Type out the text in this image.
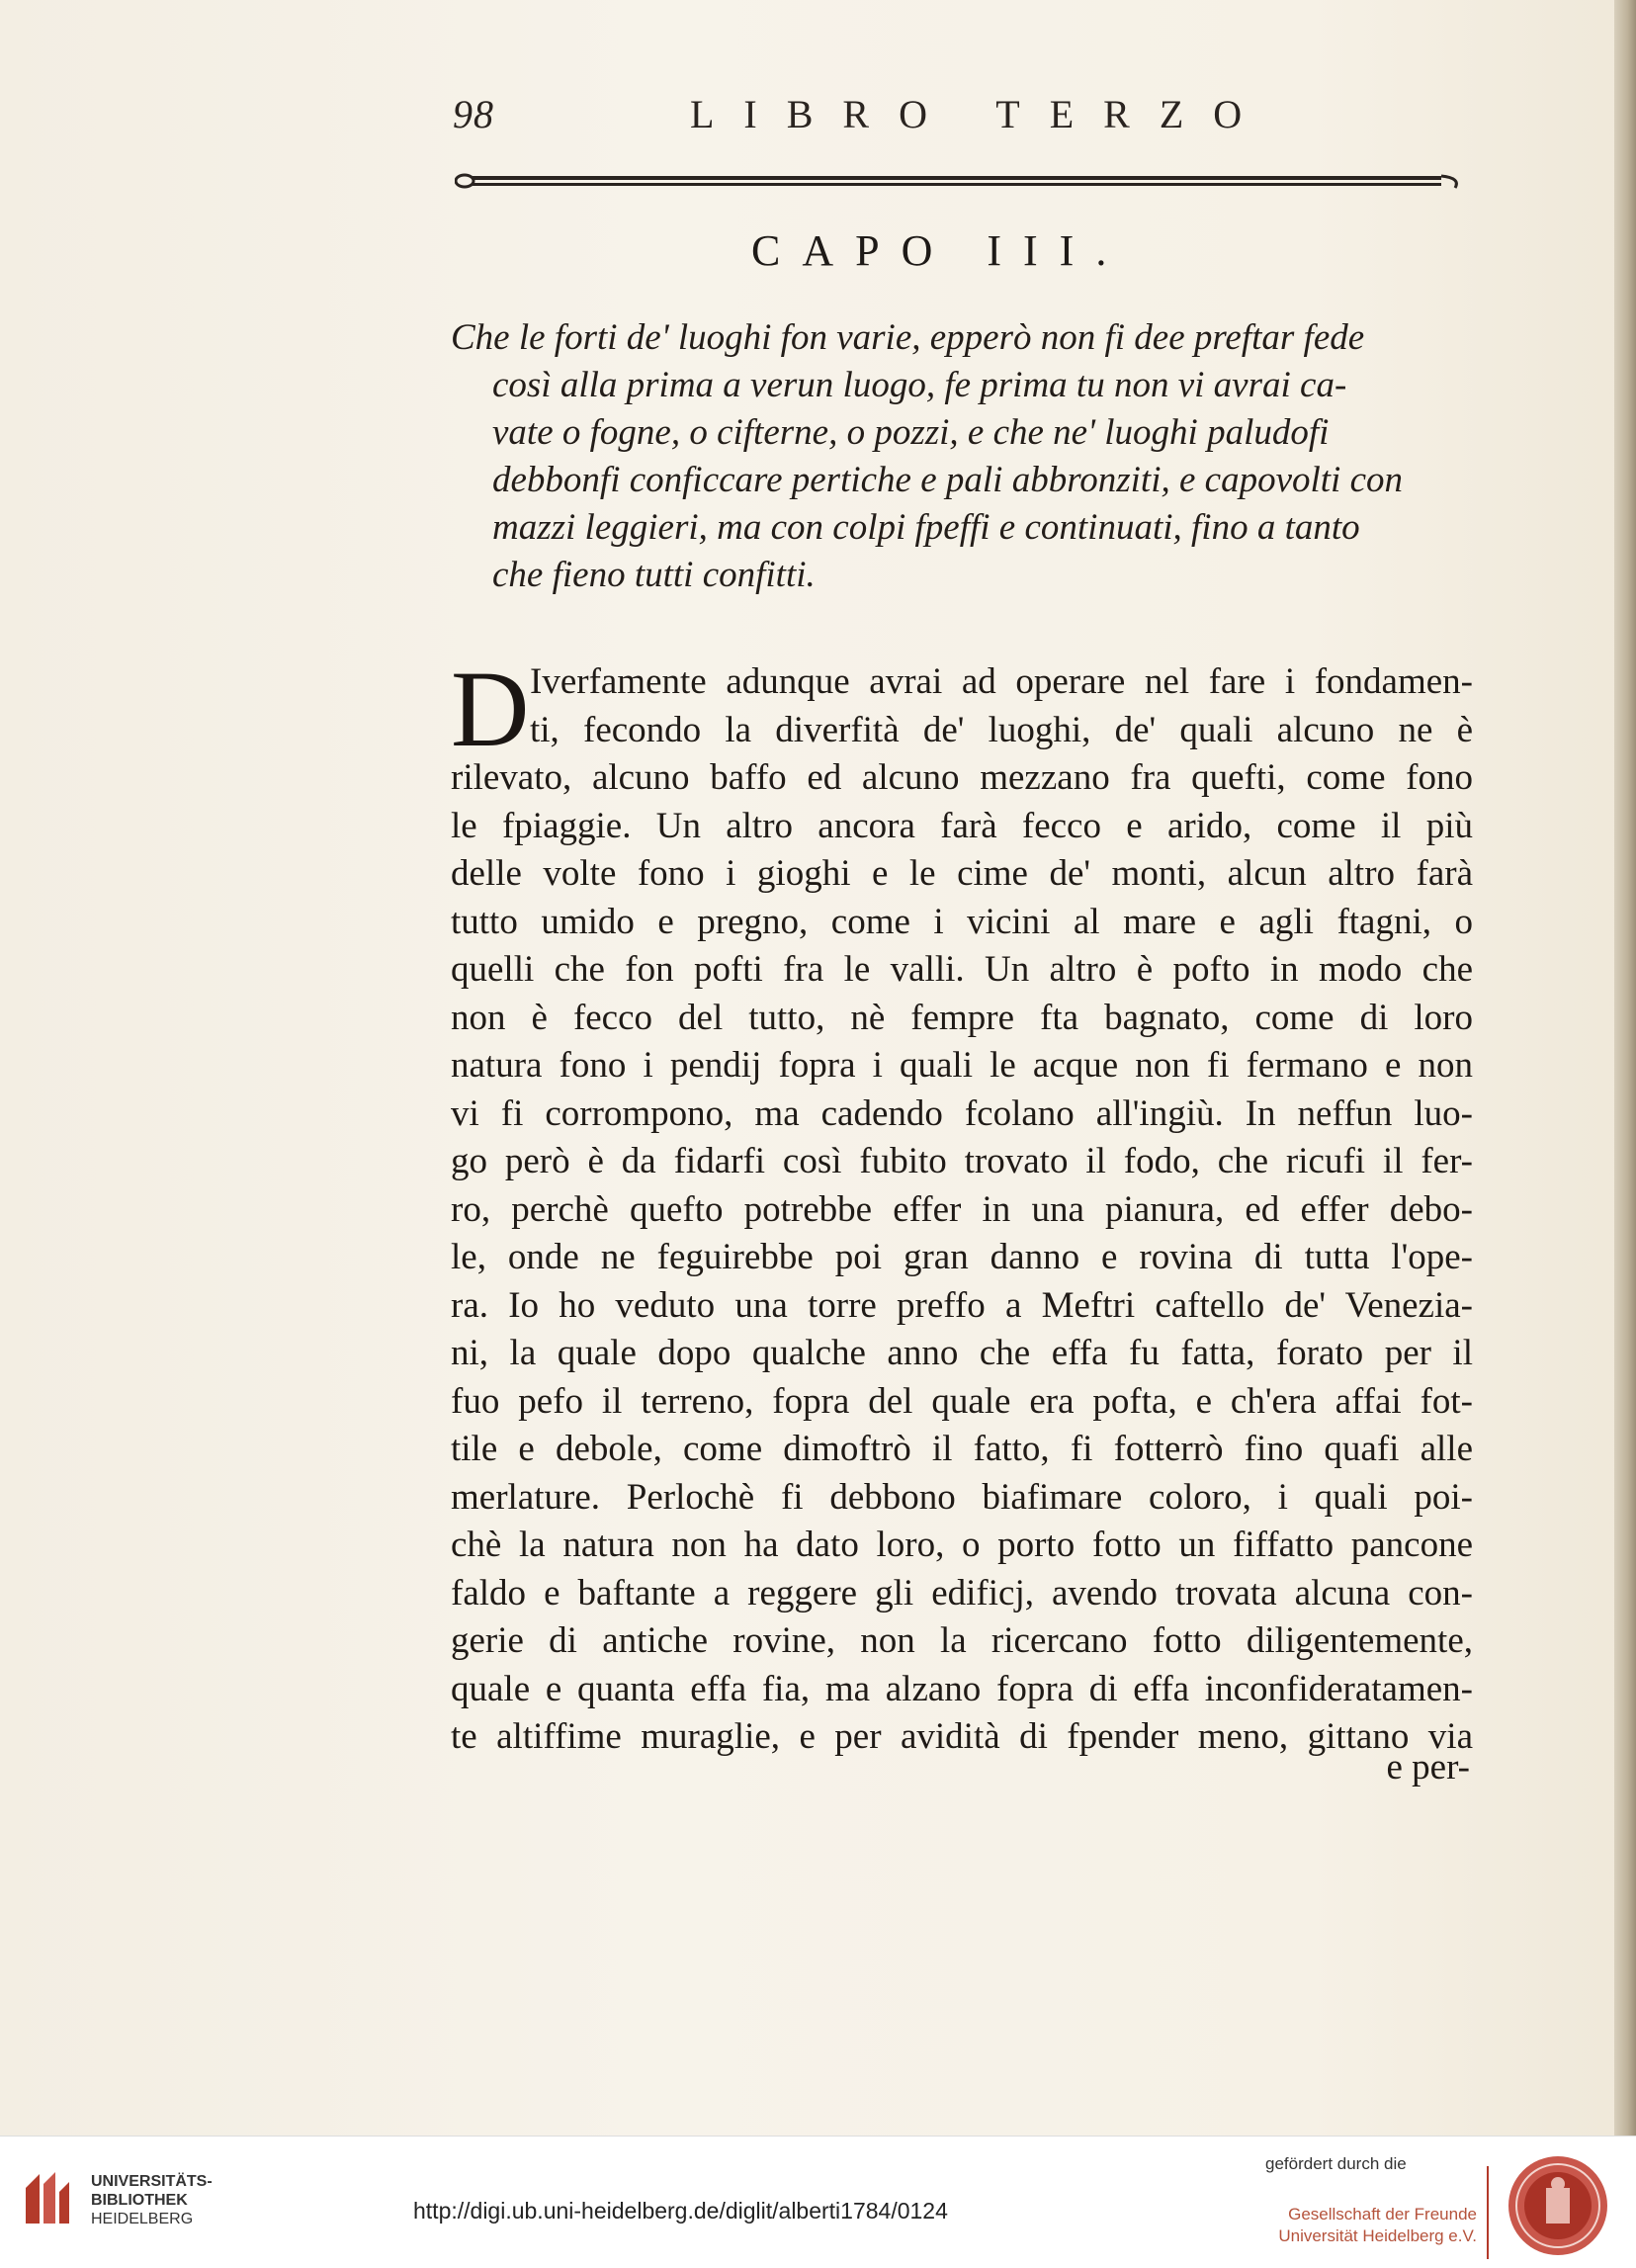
98	LIBRO TERZO
CAPO III.
Che le forti de' luoghi fon varie, epperò non fi dee preftar fede
così alla prima a verun luogo, fe prima tu non vi avrai ca-
vate o fogne, o cifterne, o pozzi, e che ne' luoghi paludofi
debbonfi conficcare pertiche e pali abbronziti, e capovolti con
mazzi leggieri, ma con colpi fpeffi e continuati, fino a tanto
che fieno tutti confitti.
D Iverfamente adunque avrai ad operare nel fare i fondamen-
ti, fecondo la diverfità de' luoghi, de' quali alcuno ne è
rilevato, alcuno baffo ed alcuno mezzano fra quefti, come fono
le fpiaggie. Un altro ancora farà fecco e arido, come il più
delle volte fono i gioghi e le cime de' monti, alcun altro farà
tutto umido e pregno, come i vicini al mare e agli ftagni, o
quelli che fon pofti fra le valli. Un altro è pofto in modo che
non è fecco del tutto, nè fempre fta bagnato, come di loro
natura fono i pendij fopra i quali le acque non fi fermano e non
vi fi corrompono, ma cadendo fcolano all'ingiù. In neffun luo-
go però è da fidarfi così fubito trovato il fodo, che ricufi il fer-
ro, perchè quefto potrebbe effer in una pianura, ed effer debo-
le, onde ne feguirebbe poi gran danno e rovina di tutta l'ope-
ra. Io ho veduto una torre preffo a Meftri caftello de' Venezia-
ni, la quale dopo qualche anno che effa fu fatta, forato per il
fuo pefo il terreno, fopra del quale era pofta, e ch'era affai fot-
tile e debole, come dimoftrò il fatto, fi fotterrò fino quafi alle
merlature. Perlochè fi debbono biafimare coloro, i quali poi-
chè la natura non ha dato loro, o porto fotto un fiffatto pancone
faldo e baftante a reggere gli edificj, avendo trovata alcuna con-
gerie di antiche rovine, non la ricercano fotto diligentemente,
quale e quanta effa fia, ma alzano fopra di effa inconfideratamen-
te altiffime muraglie, e per avidità di fpender meno, gittano via
e per-
UNIVERSITÄTS-
BIBLIOTHEK
HEIDELBERG	http://digi.ub.uni-heidelberg.de/diglit/alberti1784/0124
gefördert durch die
Gesellschaft der Freunde
Universität Heidelberg e.V.
